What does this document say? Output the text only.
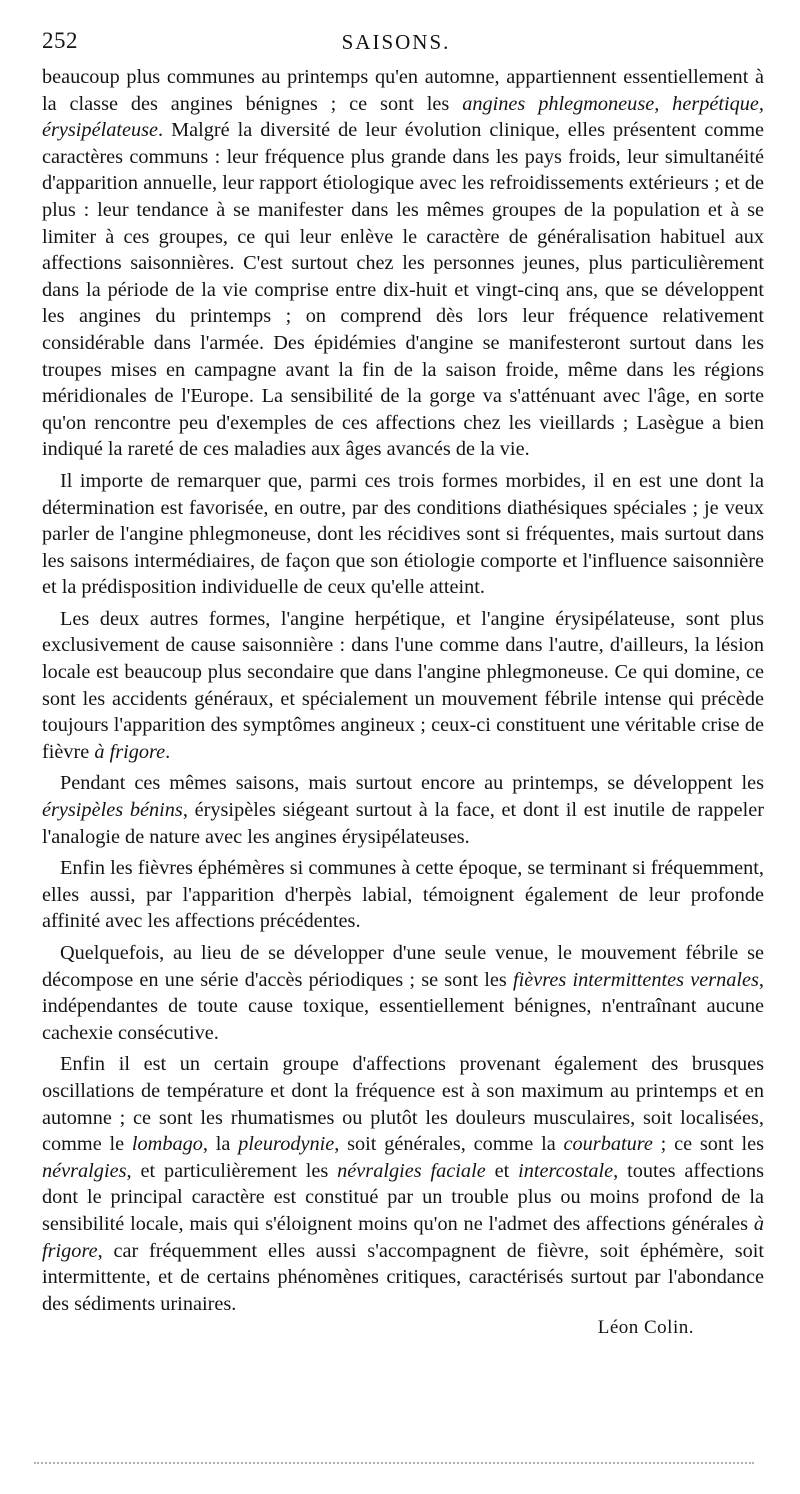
252	SAISONS.

beaucoup plus communes au printemps qu'en automne, appartiennent essentiellement à la classe des angines bénignes ; ce sont les angines phlegmoneuse, herpétique, érysipélateuse. Malgré la diversité de leur évolution clinique, elles présentent comme caractères communs : leur fréquence plus grande dans les pays froids, leur simultanéité d'apparition annuelle, leur rapport étiologique avec les refroidissements extérieurs ; et de plus : leur tendance à se manifester dans les mêmes groupes de la population et à se limiter à ces groupes, ce qui leur enlève le caractère de généralisation habituel aux affections saisonnières. C'est surtout chez les personnes jeunes, plus particulièrement dans la période de la vie comprise entre dix-huit et vingt-cinq ans, que se développent les angines du printemps ; on comprend dès lors leur fréquence relativement considérable dans l'armée. Des épidémies d'angine se manifesteront surtout dans les troupes mises en campagne avant la fin de la saison froide, même dans les régions méridionales de l'Europe. La sensibilité de la gorge va s'atténuant avec l'âge, en sorte qu'on rencontre peu d'exemples de ces affections chez les vieillards ; Lasègue a bien indiqué la rareté de ces maladies aux âges avancés de la vie.

Il importe de remarquer que, parmi ces trois formes morbides, il en est une dont la détermination est favorisée, en outre, par des conditions diathésiques spéciales ; je veux parler de l'angine phlegmoneuse, dont les récidives sont si fréquentes, mais surtout dans les saisons intermédiaires, de façon que son étiologie comporte et l'influence saisonnière et la prédisposition individuelle de ceux qu'elle atteint.

Les deux autres formes, l'angine herpétique, et l'angine érysipélateuse, sont plus exclusivement de cause saisonnière : dans l'une comme dans l'autre, d'ailleurs, la lésion locale est beaucoup plus secondaire que dans l'angine phlegmoneuse. Ce qui domine, ce sont les accidents généraux, et spécialement un mouvement fébrile intense qui précède toujours l'apparition des symptômes angineux ; ceux-ci constituent une véritable crise de fièvre à frigore.

Pendant ces mêmes saisons, mais surtout encore au printemps, se développent les érysipèles bénins, érysipèles siégeant surtout à la face, et dont il est inutile de rappeler l'analogie de nature avec les angines érysipélateuses.

Enfin les fièvres éphémères si communes à cette époque, se terminant si fréquemment, elles aussi, par l'apparition d'herpès labial, témoignent également de leur profonde affinité avec les affections précédentes.

Quelquefois, au lieu de se développer d'une seule venue, le mouvement fébrile se décompose en une série d'accès périodiques ; se sont les fièvres intermittentes vernales, indépendantes de toute cause toxique, essentiellement bénignes, n'entraînant aucune cachexie consécutive.

Enfin il est un certain groupe d'affections provenant également des brusques oscillations de température et dont la fréquence est à son maximum au printemps et en automne ; ce sont les rhumatismes ou plutôt les douleurs musculaires, soit localisées, comme le lombago, la pleurodynie, soit générales, comme la courbature ; ce sont les névralgies, et particulièrement les névralgies faciale et intercostale, toutes affections dont le principal caractère est constitué par un trouble plus ou moins profond de la sensibilité locale, mais qui s'éloignent moins qu'on ne l'admet des affections générales à frigore, car fréquemment elles aussi s'accompagnent de fièvre, soit éphémère, soit intermittente, et de certains phénomènes critiques, caractérisés surtout par l'abondance des sédiments urinaires.

Léon Colin.
